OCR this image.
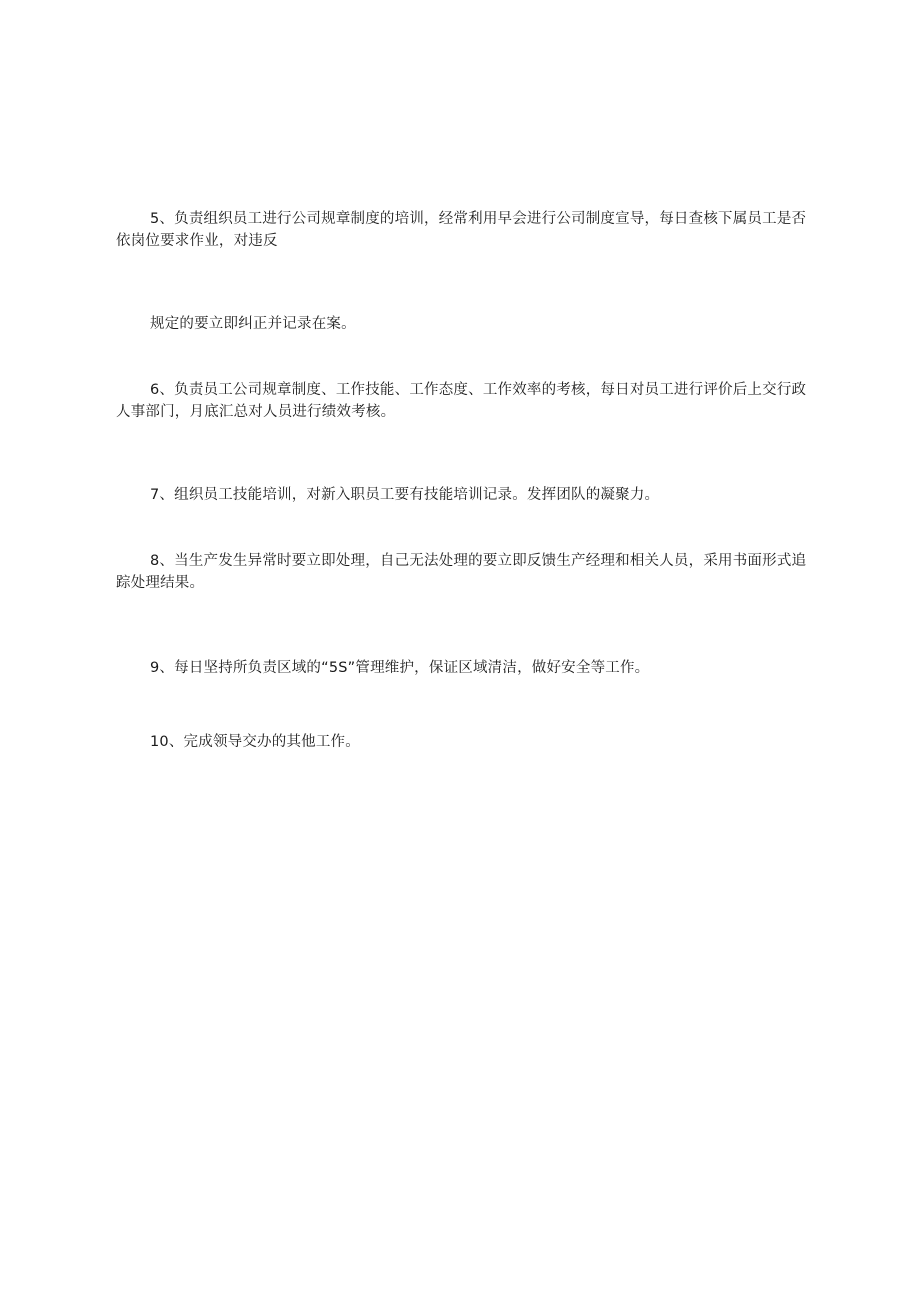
5、负责组织员工进行公司规章制度的培训，经常利用早会进行公司制度宣导，每日查核下属员工是否依岗位要求作业，对违反

规定的要立即纠正并记录在案。

6、负责员工公司规章制度、工作技能、工作态度、工作效率的考核，每日对员工进行评价后上交行政人事部门，月底汇总对人员进行绩效考核。

7、组织员工技能培训，对新入职员工要有技能培训记录。发挥团队的凝聚力。

8、当生产发生异常时要立即处理，自己无法处理的要立即反馈生产经理和相关人员，采用书面形式追踪处理结果。

9、每日坚持所负责区域的“5S”管理维护，保证区域清洁，做好安全等工作。

10、完成领导交办的其他工作。
